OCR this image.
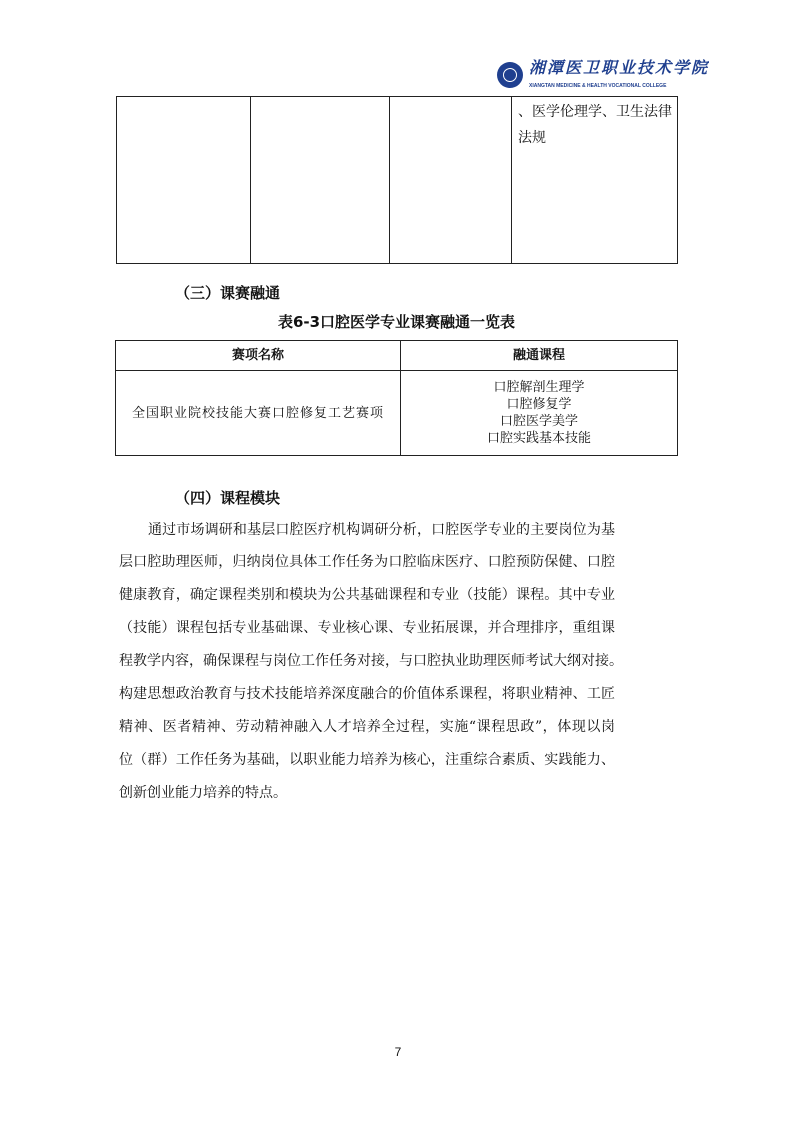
湘潭医卫职业技术学院
XIANGTAN MEDICINE & HEALTH VOCATIONAL COLLEGE

、医学伦理学、卫生法律
法规
（三）课赛融通
表6-3口腔医学专业课赛融通一览表
赛项名称	融通课程
全国职业院校技能大赛口腔修复工艺赛项	口腔解剖生理学
口腔修复学
口腔医学美学
口腔实践基本技能
（四）课程模块
通过市场调研和基层口腔医疗机构调研分析，口腔医学专业的主要岗位为基
层口腔助理医师，归纳岗位具体工作任务为口腔临床医疗、口腔预防保健、口腔
健康教育，确定课程类别和模块为公共基础课程和专业（技能）课程。其中专业
（技能）课程包括专业基础课、专业核心课、专业拓展课，并合理排序，重组课
程教学内容，确保课程与岗位工作任务对接，与口腔执业助理医师考试大纲对接。
构建思想政治教育与技术技能培养深度融合的价值体系课程，将职业精神、工匠
精神、医者精神、劳动精神融入人才培养全过程，实施“课程思政”，体现以岗
位（群）工作任务为基础，以职业能力培养为核心，注重综合素质、实践能力、
创新创业能力培养的特点。
7
